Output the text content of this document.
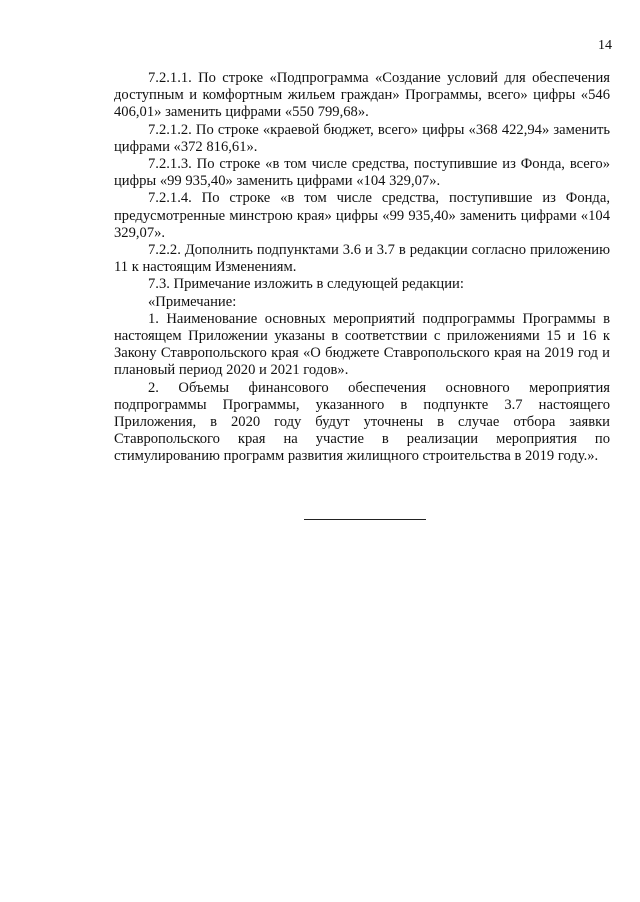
14

7.2.1.1. По строке «Подпрограмма «Создание условий для обеспечения доступным и комфортным жильем граждан» Программы, всего» цифры «546 406,01» заменить цифрами «550 799,68».

7.2.1.2. По строке «краевой бюджет, всего» цифры «368 422,94» заменить цифрами «372 816,61».

7.2.1.3. По строке «в том числе средства, поступившие из Фонда, всего» цифры «99 935,40» заменить цифрами «104 329,07».

7.2.1.4. По строке «в том числе средства, поступившие из Фонда, предусмотренные минстрою края» цифры «99 935,40» заменить цифрами «104 329,07».

7.2.2. Дополнить подпунктами 3.6 и 3.7 в редакции согласно приложению 11 к настоящим Изменениям.

7.3. Примечание изложить в следующей редакции:

«Примечание:

1. Наименование основных мероприятий подпрограммы Программы в настоящем Приложении указаны в соответствии с приложениями 15 и 16 к Закону Ставропольского края «О бюджете Ставропольского края на 2019 год и плановый период 2020 и 2021 годов».

2. Объемы финансового обеспечения основного мероприятия подпрограммы Программы, указанного в подпункте 3.7 настоящего Приложения, в 2020 году будут уточнены в случае отбора заявки Ставропольского края на участие в реализации мероприятия по стимулированию программ развития жилищного строительства в 2019 году.».
